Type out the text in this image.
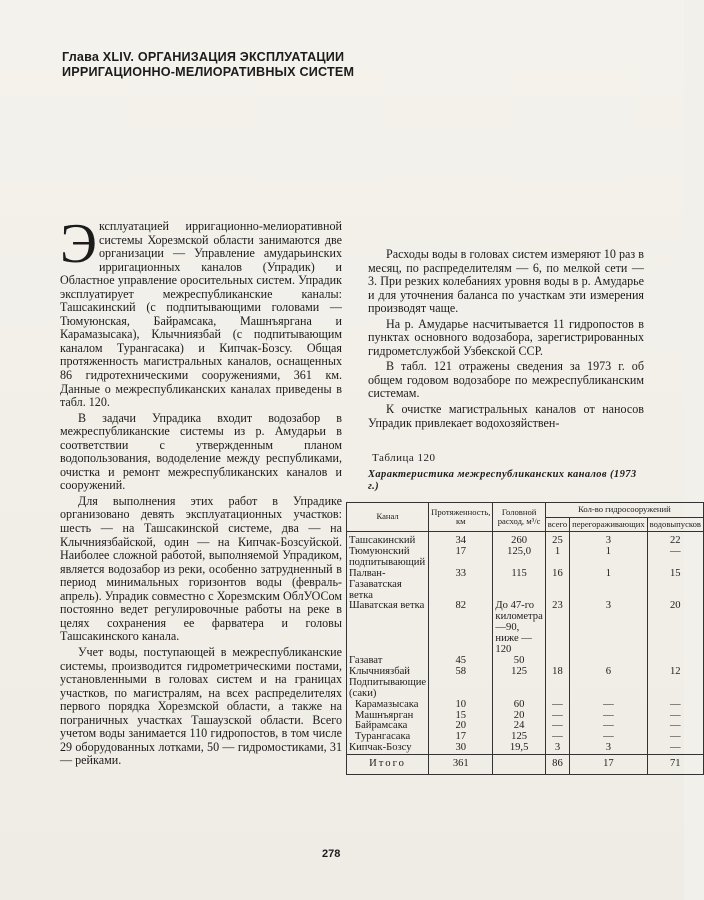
Глава XLIV. ОРГАНИЗАЦИЯ ЭКСПЛУАТАЦИИ
ИРРИГАЦИОННО-МЕЛИОРАТИВНЫХ СИСТЕМ

Эксплуатацией ирригационно-мелиоративной системы Хорезмской области занимаются две организации — Управление амударьинских ирригационных каналов (Упрадик) и Областное управление оросительных систем. Упрадик эксплуатирует межреспубликанские каналы: Ташсакинский (с подпитывающими головами — Тюмуюнская, Байрамсака, Машнъяргана и Карамазысака), Клычниязбай (с подпитывающим каналом Турангасака) и Кипчак-Бозсу. Общая протяженность магистральных каналов, оснащенных 86 гидротехническими сооружениями, 361 км. Данные о межреспубликанских каналах приведены в табл. 120.

В задачи Упрадика входит водозабор в межреспубликанские системы из р. Амударьи в соответствии с утвержденным планом водопользования, вододеление между республиками, очистка и ремонт межреспубликанских каналов и сооружений.

Для выполнения этих работ в Упрадике организовано девять эксплуатационных участков: шесть — на Ташсакинской системе, два — на Клычниязбайской, один — на Кипчак-Бозсуйской. Наиболее сложной работой, выполняемой Упрадиком, является водозабор из реки, особенно затрудненный в период минимальных горизонтов воды (февраль-апрель). Упрадик совместно с Хорезмским ОблУОСом постоянно ведет регулировочные работы на реке в целях сохранения ее фарватера и головы Ташсакинского канала.

Учет воды, поступающей в межреспубликанские системы, производится гидрометрическими постами, установленными в головах систем и на границах участков, по магистралям, на всех распределителях первого порядка Хорезмской области, а также на пограничных участках Ташаузской области. Всего учетом воды занимается 110 гидропостов, в том числе 29 оборудованных лотками, 50 — гидромостиками, 31 — рейками.

Расходы воды в головах систем измеряют 10 раз в месяц, по распределителям — 6, по мелкой сети — 3. При резких колебаниях уровня воды в р. Амударье и для уточнения баланса по участкам эти измерения производят чаще.

На р. Амударье насчитывается 11 гидропостов в пунктах основного водозабора, зарегистрированных гидрометслужбой Узбекской ССР.

В табл. 121 отражены сведения за 1973 г. об общем годовом водозаборе по межреспубликанским системам.

К очистке магистральных каналов от наносов Упрадик привлекает водохозяйствен-

Таблица 120
Характеристика межреспубликанских каналов (1973 г.)
Канал	Протяженность, км	Головной расход, м³/с	Кол-во гидросооружений		
			всего	перегораживающих	водовыпусков
Ташсакинский	34	260	25	3	22
Тюмуюнский подпитывающий	17	125,0	1	1	—
Палван-Газаватская ветка	33	115	16	1	15
Шаватская ветка	82	До 47-го километра—90, ниже — 120	23	3	20
Газават	45	50			
Клычниязбай	58	125	18	6	12
Подпитывающие (саки)					
Карамазысака	10	60	—	—	—
Машнъярган	15	20	—	—	—
Байрамсака	20	24	—	—	—
Турангасака	17	125	—	—	—
Кипчак-Бозсу	30	19,5	3	3	—
Итого	361		86	17	71
278
